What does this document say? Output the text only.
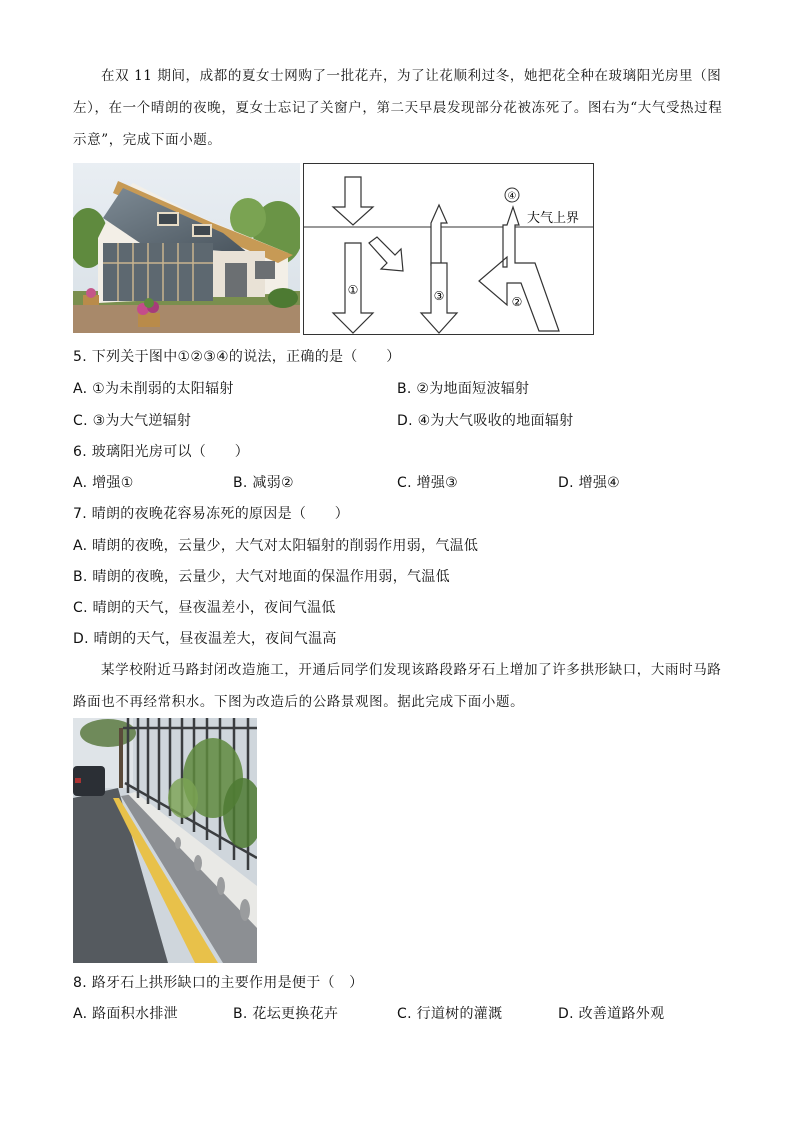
在双 11 期间，成都的夏女士网购了一批花卉，为了让花顺利过冬，她把花全种在玻璃阳光房里（图左），在一个晴朗的夜晚，夏女士忘记了关窗户，第二天早晨发现部分花被冻死了。图右为“大气受热过程示意”，完成下面小题。
①	③
④
②
大气上界
5. 下列关于图中①②③④的说法，正确的是（　　）
A. ①为未削弱的太阳辐射	B. ②为地面短波辐射
C. ③为大气逆辐射	D. ④为大气吸收的地面辐射
6. 玻璃阳光房可以（　　）
A. 增强①	B. 减弱②	C. 增强③	D. 增强④
7. 晴朗的夜晚花容易冻死的原因是（　　）
A. 晴朗的夜晚，云量少，大气对太阳辐射的削弱作用弱，气温低
B. 晴朗的夜晚，云量少，大气对地面的保温作用弱，气温低
C. 晴朗的天气，昼夜温差小，夜间气温低
D. 晴朗的天气，昼夜温差大，夜间气温高
某学校附近马路封闭改造施工，开通后同学们发现该路段路牙石上增加了许多拱形缺口，大雨时马路路面也不再经常积水。下图为改造后的公路景观图。据此完成下面小题。
8. 路牙石上拱形缺口的主要作用是便于（　）
A. 路面积水排泄	B. 花坛更换花卉	C. 行道树的灌溉	D. 改善道路外观
